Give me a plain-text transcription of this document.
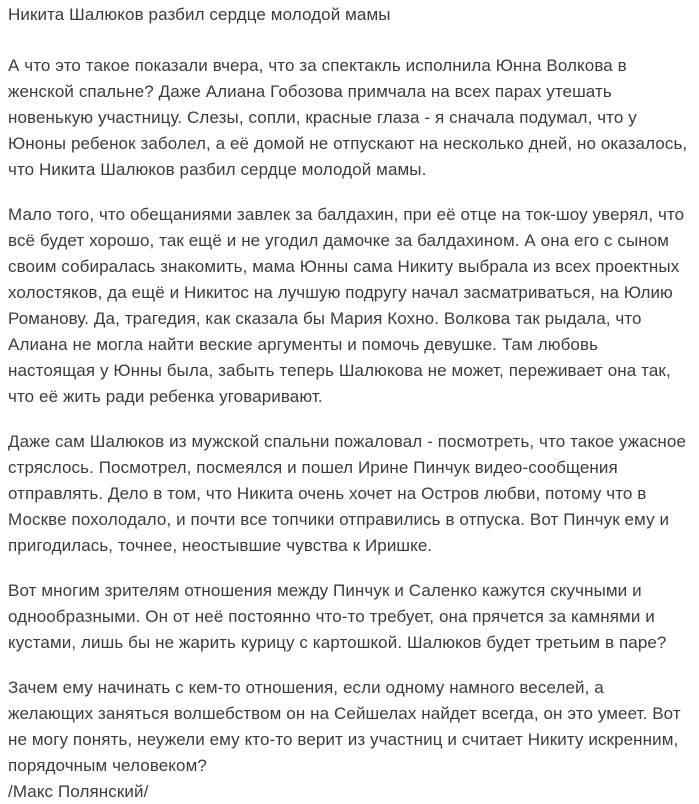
Никита Шалюков разбил сердце молодой мамы

А что это такое показали вчера, что за спектакль исполнила Юнна Волкова в женской спальне? Даже Алиана Гобозова примчала на всех парах утешать новенькую участницу. Слезы, сопли, красные глаза - я сначала подумал, что у Юноны ребенок заболел, а её домой не отпускают на несколько дней, но оказалось, что Никита Шалюков разбил сердце молодой мамы.

Мало того, что обещаниями завлек за балдахин, при её отце на ток-шоу уверял, что всё будет хорошо, так ещё и не угодил дамочке за балдахином. А она его с сыном своим собиралась знакомить, мама Юнны сама Никиту выбрала из всех проектных холостяков, да ещё и Никитос на лучшую подругу начал засматриваться, на Юлию Романову. Да, трагедия, как сказала бы Мария Кохно. Волкова так рыдала, что Алиана не могла найти веские аргументы и помочь девушке. Там любовь настоящая у Юнны была, забыть теперь Шалюкова не может, переживает она так, что её жить ради ребенка уговаривают.

Даже сам Шалюков из мужской спальни пожаловал - посмотреть, что такое ужасное стряслось. Посмотрел, посмеялся и пошел Ирине Пинчук видео-сообщения отправлять. Дело в том, что Никита очень хочет на Остров любви, потому что в Москве похолодало, и почти все топчики отправились в отпуска. Вот Пинчук ему и пригодилась, точнее, неостывшие чувства к Иришке.

Вот многим зрителям отношения между Пинчук и Саленко кажутся скучными и однообразными. Он от неё постоянно что-то требует, она прячется за камнями и кустами, лишь бы не жарить курицу с картошкой. Шалюков будет третьим в паре?

Зачем ему начинать с кем-то отношения, если одному намного веселей, а желающих заняться волшебством он на Сейшелах найдет всегда, он это умеет. Вот не могу понять, неужели ему кто-то верит из участниц и считает Никиту искренним, порядочным человеком?

/Макс Полянский/
